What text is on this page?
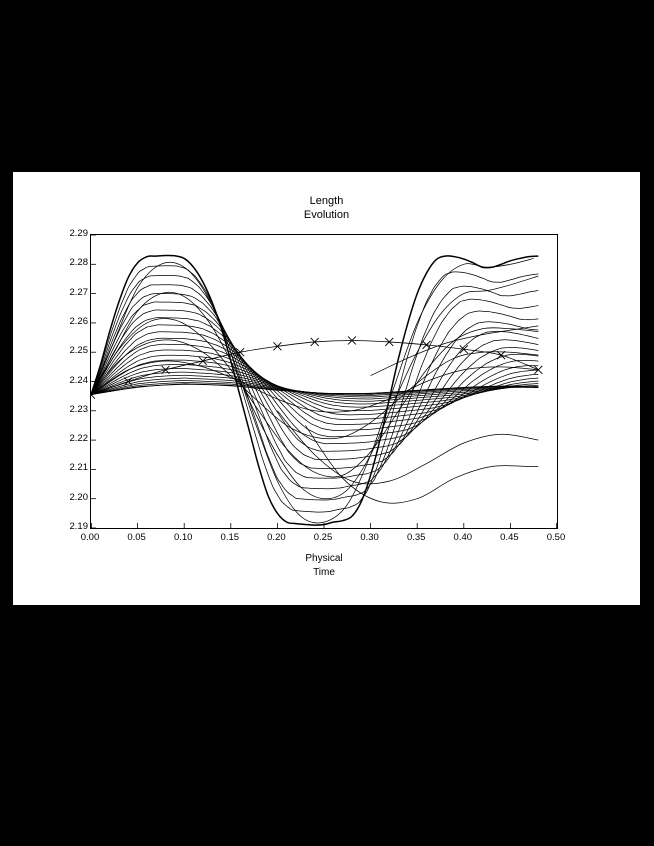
Length
Evolution
2.19
2.20
2.21
2.22
2.23
2.24
2.25
2.26
2.27
2.28
2.29
0.00	0.05	0.10	0.15	0.20	0.25	0.30	0.35	0.40	0.45	0.50
Physical
Time
